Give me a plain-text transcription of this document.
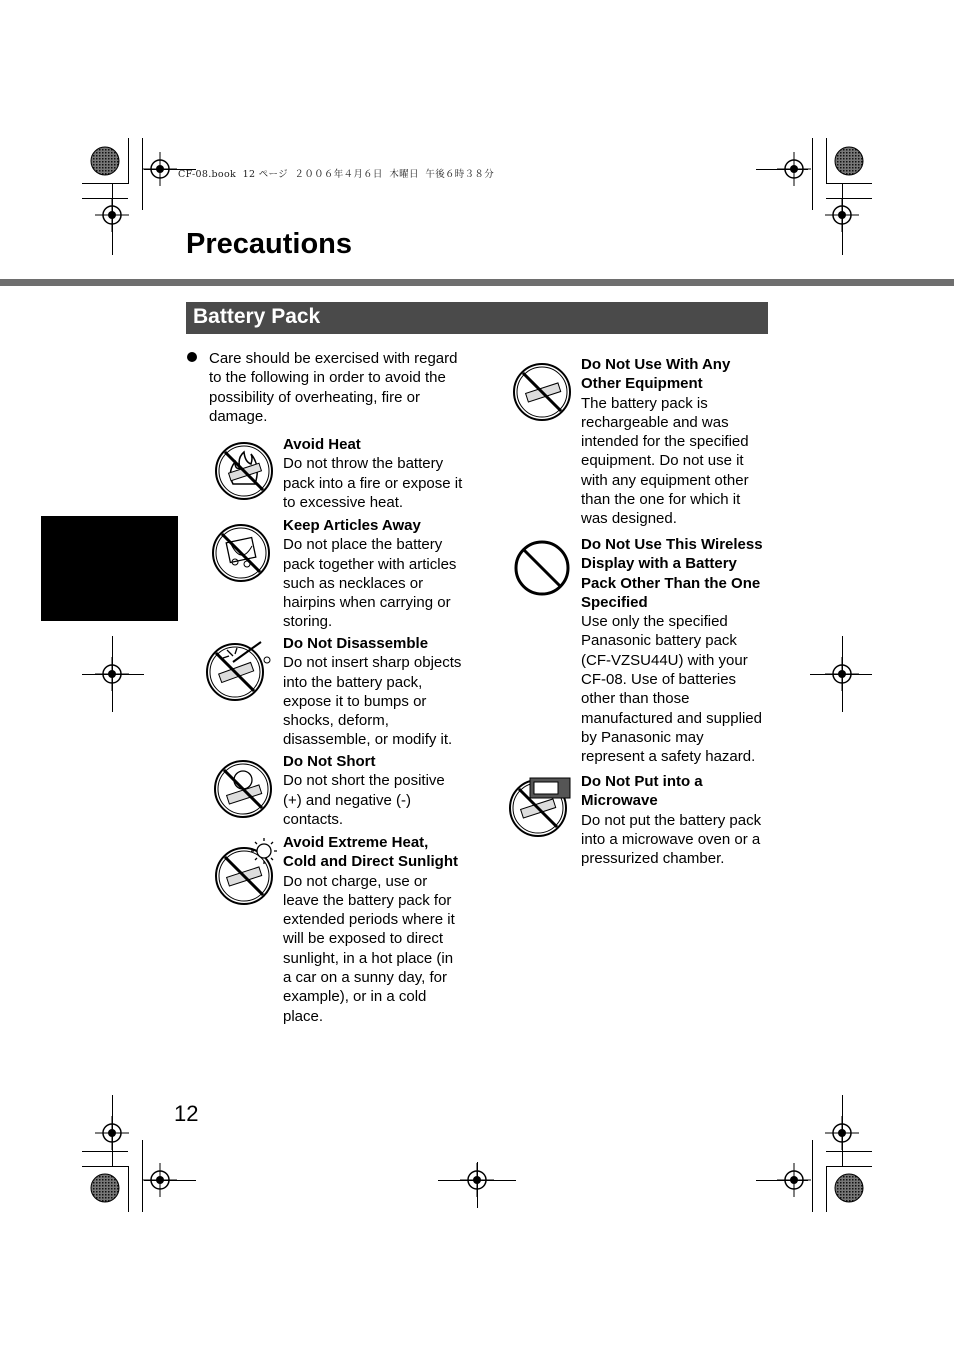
CF-08.book  12 ページ  ２００６年４月６日  木曜日  午後６時３８分
Precautions
Battery Pack
Care should be exercised with regard to the following in order to avoid the possibility of overheating, fire or damage.
Avoid Heat
Do not throw the battery pack into a fire or expose it to excessive heat.
Keep Articles Away
Do not place the battery pack together with articles such as necklaces or hairpins when carrying or storing.
Do Not Disassemble
Do not insert sharp objects into the battery pack, expose it to bumps or shocks, deform, disassemble, or modify it.
Do Not Short
Do not short the positive (+) and negative (-) contacts.
Avoid Extreme Heat, Cold and Direct Sunlight
Do not charge, use or leave the battery pack for extended periods where it will be exposed to direct sunlight, in a hot place (in a car on a sunny day, for example), or in a cold place.
Do Not Use With Any Other Equipment
The battery pack is rechargeable and was intended for the specified equipment. Do not use it with any equipment other than the one for which it was designed.
Do Not Use This Wireless Display with a Battery Pack Other Than the One Specified
Use only the specified Panasonic battery pack (CF-VZSU44U) with your CF-08. Use of batteries other than those manufactured and supplied by Panasonic may represent a safety hazard.
Do Not Put into a Microwave
Do not put the battery pack into a microwave oven or a pressurized chamber.
12
